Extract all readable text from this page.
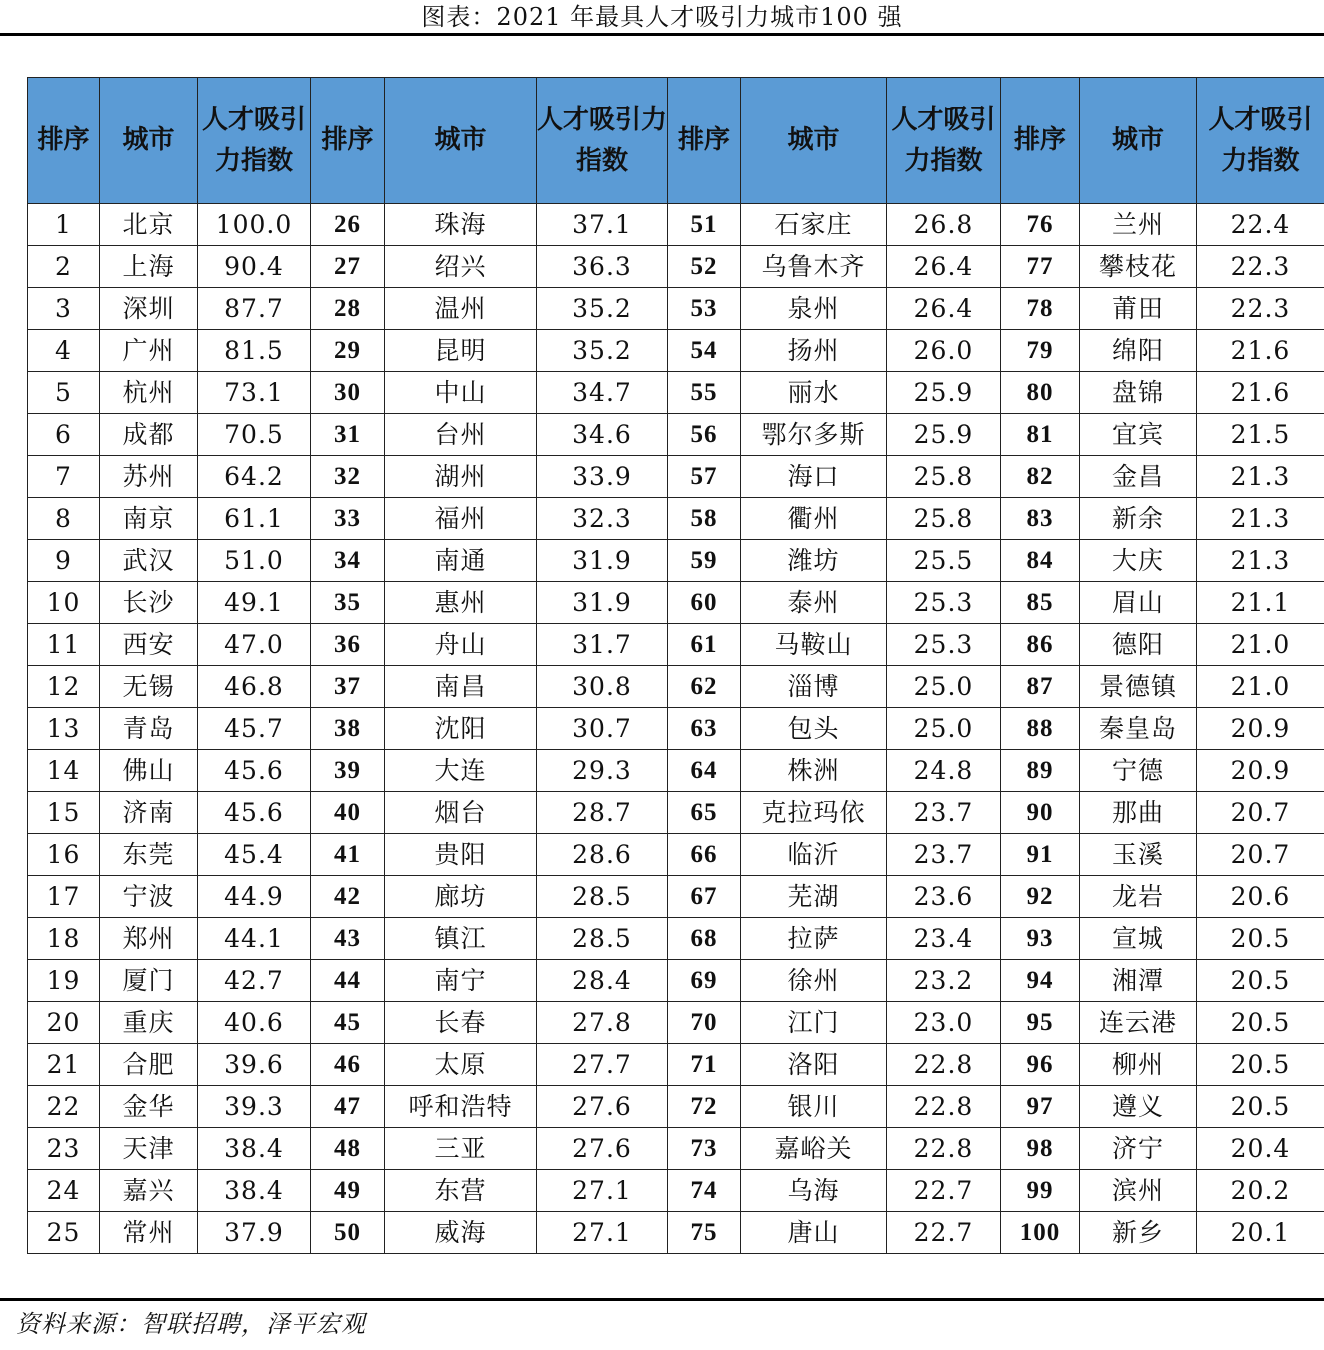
图表：2021 年最具人才吸引力城市100 强
排序	城市	人才吸引力指数	排序	城市	人才吸引力指数	排序	城市	人才吸引力指数	排序	城市	人才吸引力指数
1	北京	100.0	26	珠海	37.1	51	石家庄	26.8	76	兰州	22.4
2	上海	90.4	27	绍兴	36.3	52	乌鲁木齐	26.4	77	攀枝花	22.3
3	深圳	87.7	28	温州	35.2	53	泉州	26.4	78	莆田	22.3
4	广州	81.5	29	昆明	35.2	54	扬州	26.0	79	绵阳	21.6
5	杭州	73.1	30	中山	34.7	55	丽水	25.9	80	盘锦	21.6
6	成都	70.5	31	台州	34.6	56	鄂尔多斯	25.9	81	宜宾	21.5
7	苏州	64.2	32	湖州	33.9	57	海口	25.8	82	金昌	21.3
8	南京	61.1	33	福州	32.3	58	衢州	25.8	83	新余	21.3
9	武汉	51.0	34	南通	31.9	59	潍坊	25.5	84	大庆	21.3
10	长沙	49.1	35	惠州	31.9	60	泰州	25.3	85	眉山	21.1
11	西安	47.0	36	舟山	31.7	61	马鞍山	25.3	86	德阳	21.0
12	无锡	46.8	37	南昌	30.8	62	淄博	25.0	87	景德镇	21.0
13	青岛	45.7	38	沈阳	30.7	63	包头	25.0	88	秦皇岛	20.9
14	佛山	45.6	39	大连	29.3	64	株洲	24.8	89	宁德	20.9
15	济南	45.6	40	烟台	28.7	65	克拉玛依	23.7	90	那曲	20.7
16	东莞	45.4	41	贵阳	28.6	66	临沂	23.7	91	玉溪	20.7
17	宁波	44.9	42	廊坊	28.5	67	芜湖	23.6	92	龙岩	20.6
18	郑州	44.1	43	镇江	28.5	68	拉萨	23.4	93	宣城	20.5
19	厦门	42.7	44	南宁	28.4	69	徐州	23.2	94	湘潭	20.5
20	重庆	40.6	45	长春	27.8	70	江门	23.0	95	连云港	20.5
21	合肥	39.6	46	太原	27.7	71	洛阳	22.8	96	柳州	20.5
22	金华	39.3	47	呼和浩特	27.6	72	银川	22.8	97	遵义	20.5
23	天津	38.4	48	三亚	27.6	73	嘉峪关	22.8	98	济宁	20.4
24	嘉兴	38.4	49	东营	27.1	74	乌海	22.7	99	滨州	20.2
25	常州	37.9	50	威海	27.1	75	唐山	22.7	100	新乡	20.1
资料来源：智联招聘，泽平宏观
